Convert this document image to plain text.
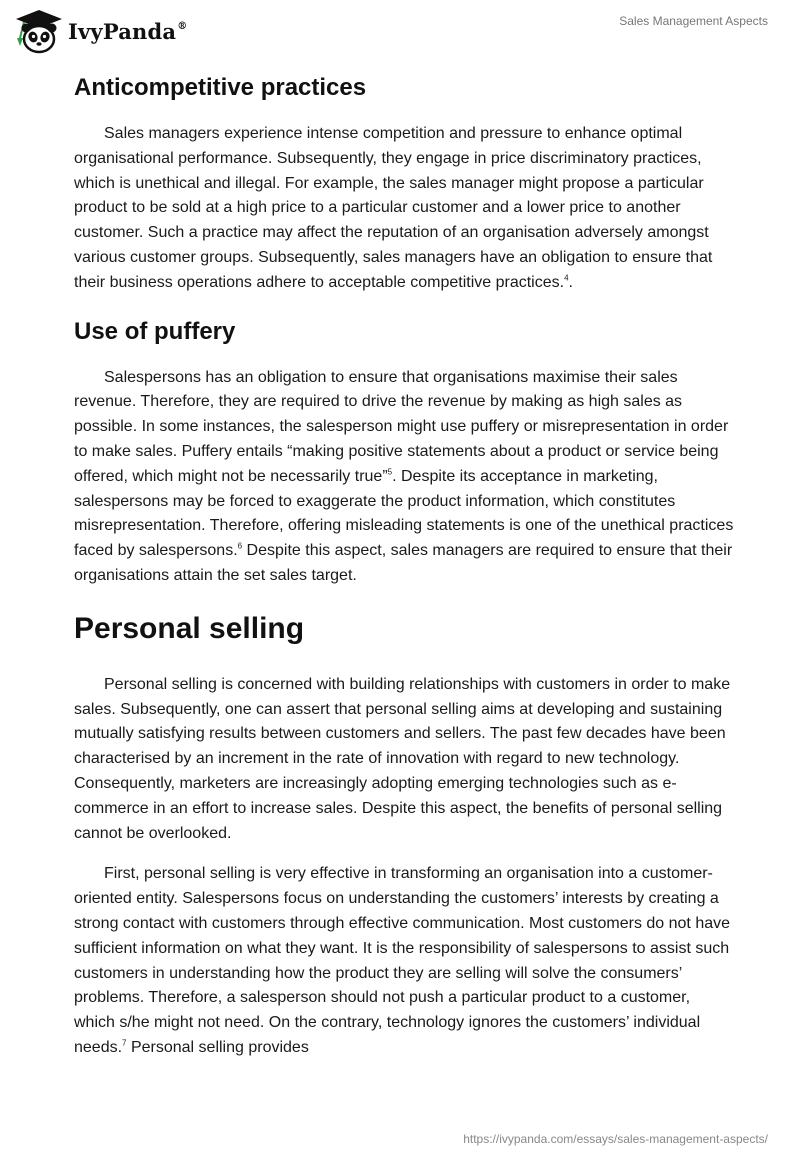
IvyPanda®	Sales Management Aspects
Anticompetitive practices

Sales managers experience intense competition and pressure to enhance optimal organisational performance. Subsequently, they engage in price discriminatory practices, which is unethical and illegal. For example, the sales manager might propose a particular product to be sold at a high price to a particular customer and a lower price to another customer. Such a practice may affect the reputation of an organisation adversely amongst various customer groups. Subsequently, sales managers have an obligation to ensure that their business operations adhere to acceptable competitive practices.$^4$.

Use of puffery

Salespersons has an obligation to ensure that organisations maximise their sales revenue. Therefore, they are required to drive the revenue by making as high sales as possible. In some instances, the salesperson might use puffery or misrepresentation in order to make sales. Puffery entails “making positive statements about a product or service being offered, which might not be necessarily true”$^5$. Despite its acceptance in marketing, salespersons may be forced to exaggerate the product information, which constitutes misrepresentation. Therefore, offering misleading statements is one of the unethical practices faced by salespersons.$^6$ Despite this aspect, sales managers are required to ensure that their organisations attain the set sales target.

Personal selling

Personal selling is concerned with building relationships with customers in order to make sales. Subsequently, one can assert that personal selling aims at developing and sustaining mutually satisfying results between customers and sellers. The past few decades have been characterised by an increment in the rate of innovation with regard to new technology. Consequently, marketers are increasingly adopting emerging technologies such as e-commerce in an effort to increase sales. Despite this aspect, the benefits of personal selling cannot be overlooked.

First, personal selling is very effective in transforming an organisation into a customer-oriented entity. Salespersons focus on understanding the customers’ interests by creating a strong contact with customers through effective communication. Most customers do not have sufficient information on what they want. It is the responsibility of salespersons to assist such customers in understanding how the product they are selling will solve the consumers’ problems. Therefore, a salesperson should not push a particular product to a customer, which s/he might not need. On the contrary, technology ignores the customers’ individual needs.$^7$ Personal selling provides

https://ivypanda.com/essays/sales-management-aspects/
